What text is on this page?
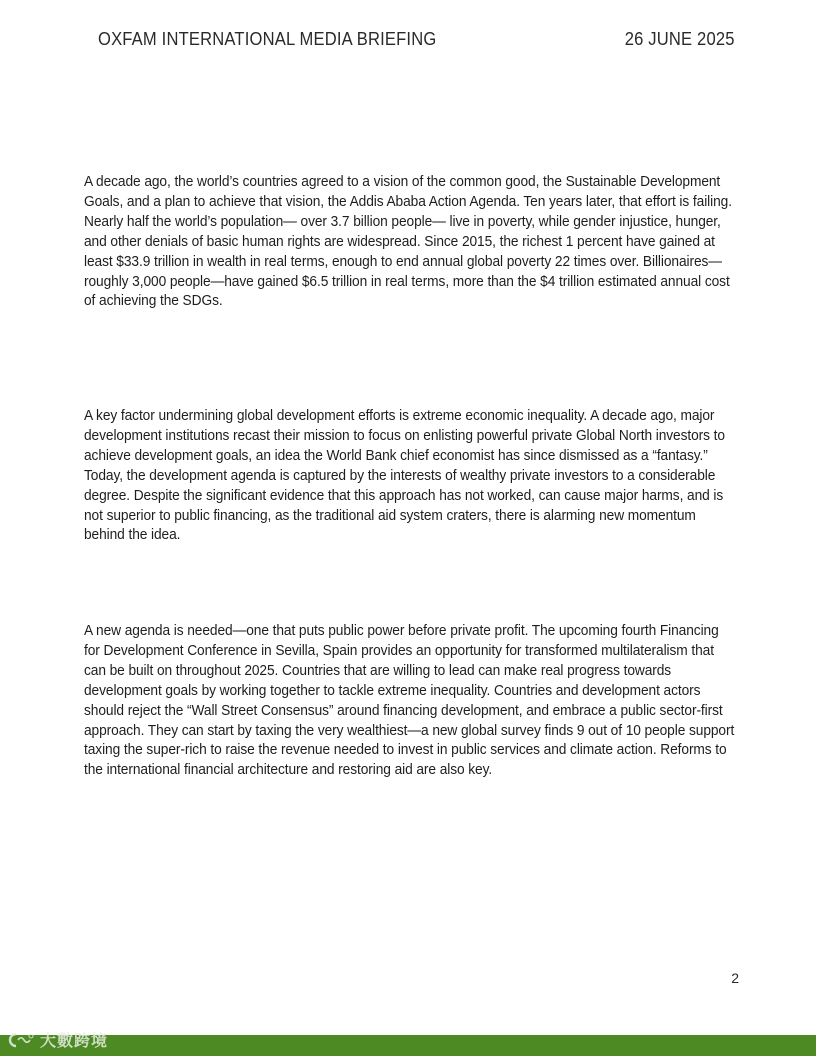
OXFAM INTERNATIONAL MEDIA BRIEFING	26 JUNE 2025

A decade ago, the world’s countries agreed to a vision of the common good, the Sustainable Development Goals, and a plan to achieve that vision, the Addis Ababa Action Agenda. Ten years later, that effort is failing. Nearly half the world’s population— over 3.7 billion people— live in poverty, while gender injustice, hunger, and other denials of basic human rights are widespread. Since 2015, the richest 1 percent have gained at least $33.9 trillion in wealth in real terms, enough to end annual global poverty 22 times over. Billionaires—roughly 3,000 people—have gained $6.5 trillion in real terms, more than the $4 trillion estimated annual cost of achieving the SDGs.

A key factor undermining global development efforts is extreme economic inequality. A decade ago, major development institutions recast their mission to focus on enlisting powerful private Global North investors to achieve development goals, an idea the World Bank chief economist has since dismissed as a “fantasy.” Today, the development agenda is captured by the interests of wealthy private investors to a considerable degree. Despite the significant evidence that this approach has not worked, can cause major harms, and is not superior to public financing, as the traditional aid system craters, there is alarming new momentum behind the idea.

A new agenda is needed—one that puts public power before private profit. The upcoming fourth Financing for Development Conference in Sevilla, Spain provides an opportunity for transformed multilateralism that can be built on throughout 2025. Countries that are willing to lead can make real progress towards development goals by working together to tackle extreme inequality. Countries and development actors should reject the “Wall Street Consensus” around financing development, and embrace a public sector-first approach. They can start by taxing the very wealthiest—a new global survey finds 9 out of 10 people support taxing the super-rich to raise the revenue needed to invest in public services and climate action. Reforms to the international financial architecture and restoring aid are also key.

2
大數跨境
